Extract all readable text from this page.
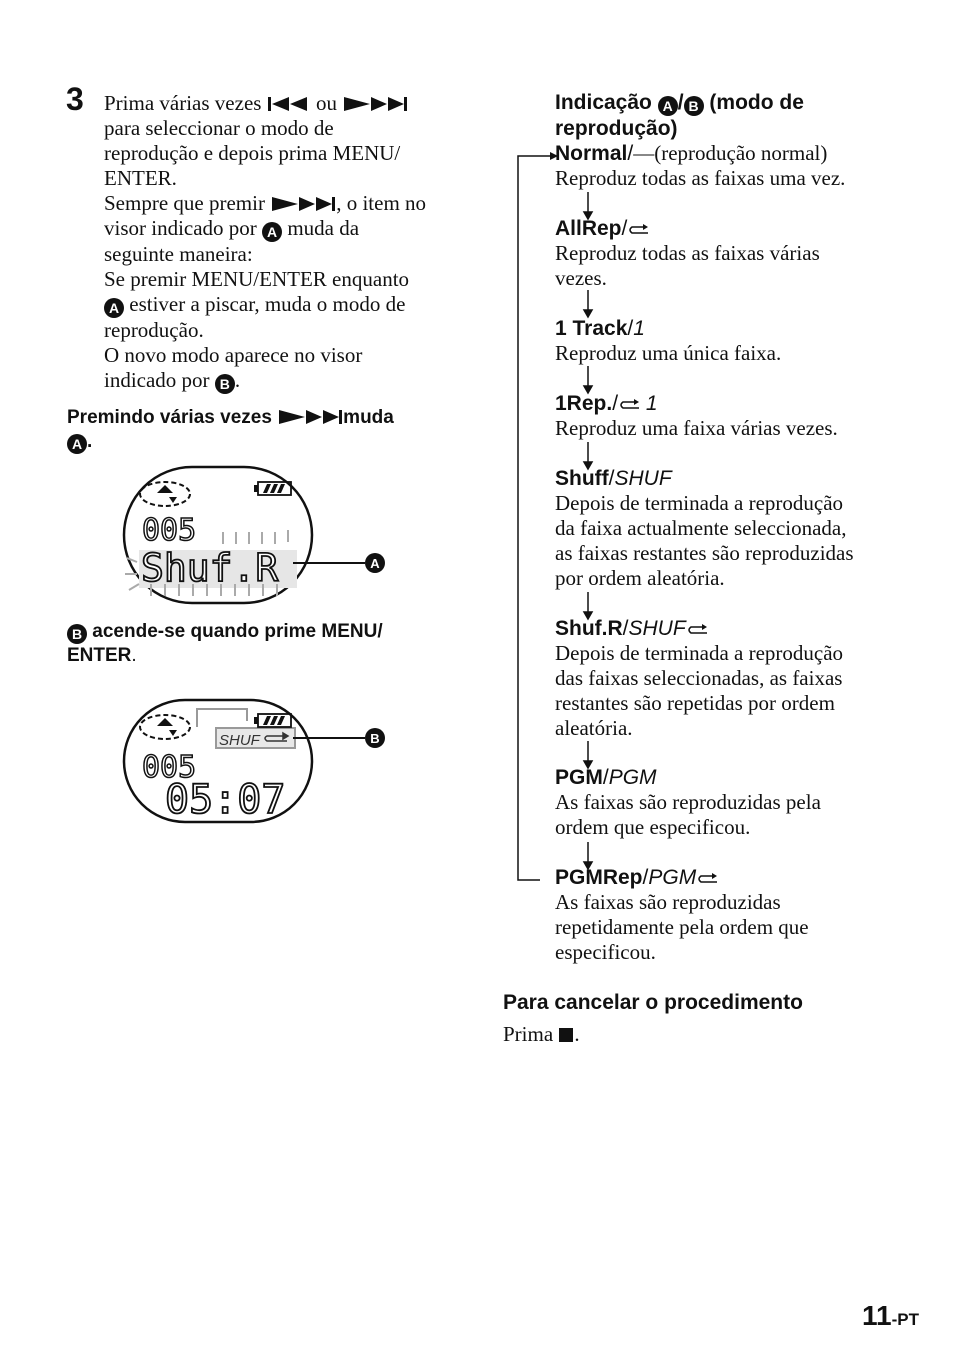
3 Prima várias vezes	ou
para seleccionar o modo de
reprodução e depois prima MENU/
ENTER.
Sempre que premir	, o item no
visor indicado por A muda da
seguinte maneira:
Se premir MENU/ENTER enquanto
A estiver a piscar, muda o modo de
reprodução.
O novo modo aparece no visor
indicado por B .
Premindo várias vezes	muda
A .
005
Shuf.R	A
B acende-se quando prime MENU/
ENTER.
SHUF
005
05:07
B
Indicação A / B (modo de
reprodução)
Normal/—(reprodução normal)
Reproduz todas as faixas uma vez.
AllRep/
Reproduz todas as faixas várias
vezes.
1 Track/1
Reproduz uma única faixa.
1Rep./ 1
Reproduz uma faixa várias vezes.
Shuff/SHUF
Depois de terminada a reprodução
da faixa actualmente seleccionada,
as faixas restantes são reproduzidas
por ordem aleatória.
Shuf.R/SHUF
Depois de terminada a reprodução
das faixas seleccionadas, as faixas
restantes são repetidas por ordem
aleatória.
PGM/PGM
As faixas são reproduzidas pela
ordem que especificou.
PGMRep/PGM
As faixas são reproduzidas
repetidamente pela ordem que
especificou.
Para cancelar o procedimento
Prima .
11-PT
